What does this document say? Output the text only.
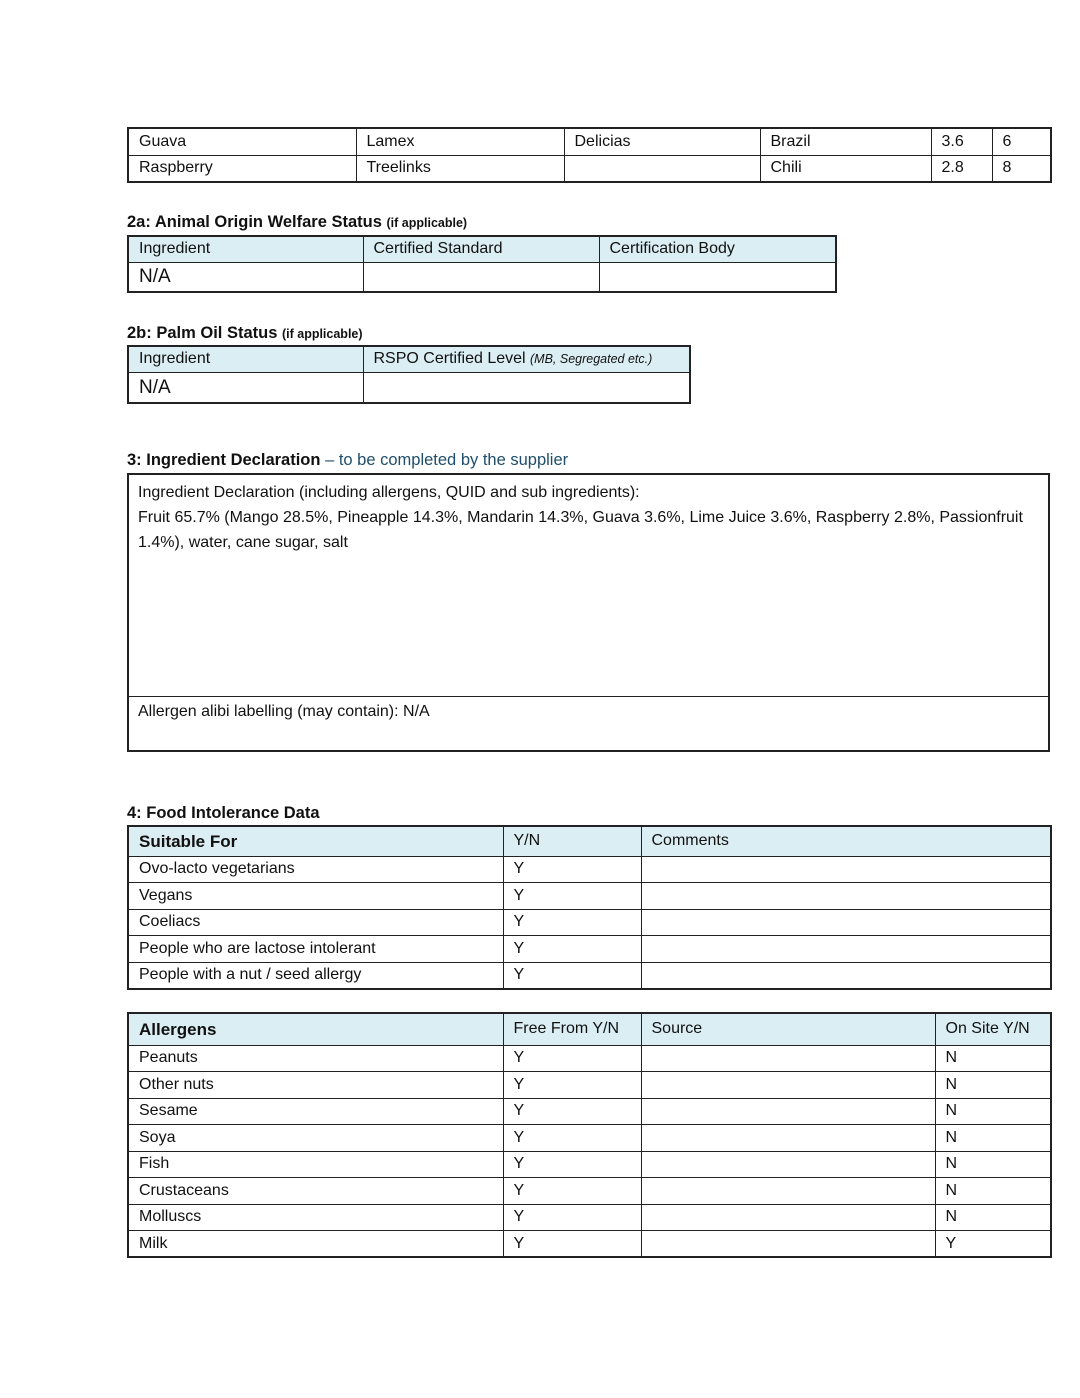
Guava	Lamex	Delicias	Brazil	3.6	6
Raspberry	Treelinks		Chili	2.8	8
2a: Animal Origin Welfare Status (if applicable)
Ingredient	Certified Standard	Certification Body
N/A		
2b: Palm Oil Status (if applicable)
Ingredient	RSPO Certified Level (MB, Segregated etc.)
N/A	
3: Ingredient Declaration – to be completed by the supplier
Ingredient Declaration (including allergens, QUID and sub ingredients):
Fruit 65.7% (Mango 28.5%, Pineapple 14.3%, Mandarin 14.3%, Guava 3.6%, Lime Juice 3.6%, Raspberry 2.8%, Passionfruit 1.4%), water, cane sugar, salt
Allergen alibi labelling (may contain): N/A
4: Food Intolerance Data
Suitable For	Y/N	Comments
Ovo-lacto vegetarians	Y	
Vegans	Y	
Coeliacs	Y	
People who are lactose intolerant	Y	
People with a nut / seed allergy	Y	
Allergens	Free From Y/N	Source	On Site Y/N
Peanuts	Y		N
Other nuts	Y		N
Sesame	Y		N
Soya	Y		N
Fish	Y		N
Crustaceans	Y		N
Molluscs	Y		N
Milk	Y		Y
